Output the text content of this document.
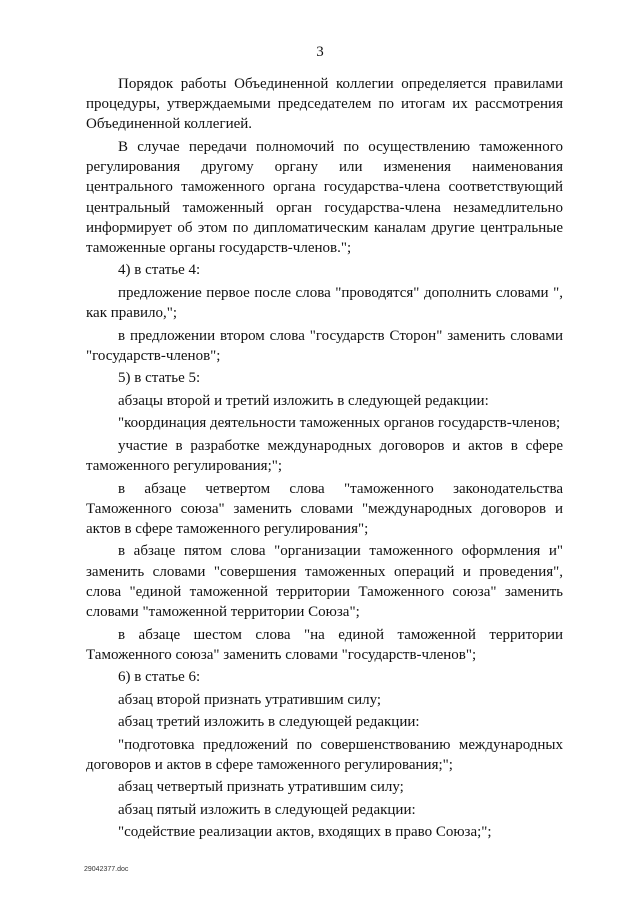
3

Порядок работы Объединенной коллегии определяется правилами процедуры, утверждаемыми председателем по итогам их рассмотрения Объединенной коллегией.

В случае передачи полномочий по осуществлению таможенного регулирования другому органу или изменения наименования центрального таможенного органа государства-члена соответствующий центральный таможенный орган государства-члена незамедлительно информирует об этом по дипломатическим каналам другие центральные таможенные органы государств-членов.";

4) в статье 4:

предложение первое после слова "проводятся" дополнить словами ", как правило,";

в предложении втором слова "государств Сторон" заменить словами "государств-членов";

5) в статье 5:

абзацы второй и третий изложить в следующей редакции:

"координация деятельности таможенных органов государств-членов;

участие в разработке международных договоров и актов в сфере таможенного регулирования;";

в абзаце четвертом слова "таможенного законодательства Таможенного союза" заменить словами "международных договоров и актов в сфере таможенного регулирования";

в абзаце пятом слова "организации таможенного оформления и" заменить словами "совершения таможенных операций и проведения", слова "единой таможенной территории Таможенного союза" заменить словами "таможенной территории Союза";

в абзаце шестом слова "на единой таможенной территории Таможенного союза" заменить словами "государств-членов";

6) в статье 6:

абзац второй признать утратившим силу;

абзац третий изложить в следующей редакции:

"подготовка предложений по совершенствованию международных договоров и актов в сфере таможенного регулирования;";

абзац четвертый признать утратившим силу;

абзац пятый изложить в следующей редакции:

"содействие реализации актов, входящих в право Союза;";

29042377.doc
